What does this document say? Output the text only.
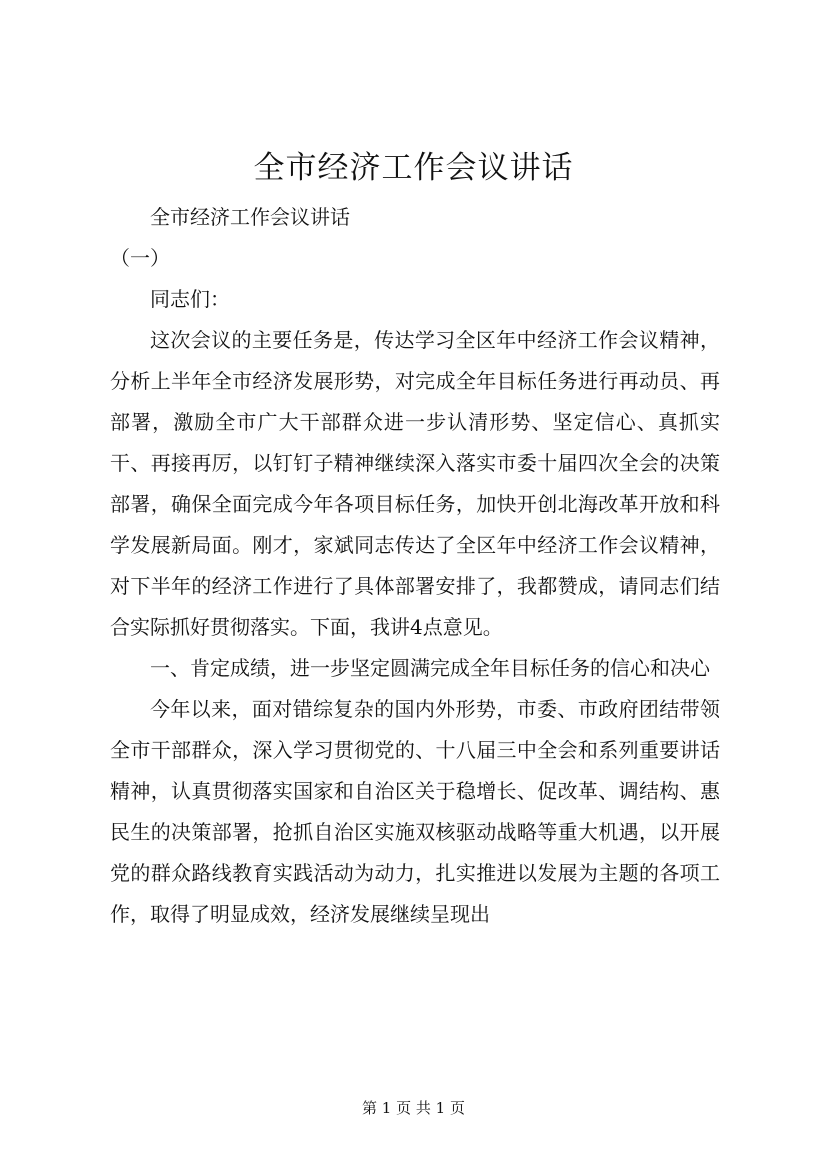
全市经济工作会议讲话

全市经济工作会议讲话

（一）

同志们：

这次会议的主要任务是，传达学习全区年中经济工作会议精神，分析上半年全市经济发展形势，对完成全年目标任务进行再动员、再部署，激励全市广大干部群众进一步认清形势、坚定信心、真抓实干、再接再厉，以钉钉子精神继续深入落实市委十届四次全会的决策部署，确保全面完成今年各项目标任务，加快开创北海改革开放和科学发展新局面。刚才，家斌同志传达了全区年中经济工作会议精神，对下半年的经济工作进行了具体部署安排了，我都赞成，请同志们结合实际抓好贯彻落实。下面，我讲4点意见。

一、肯定成绩，进一步坚定圆满完成全年目标任务的信心和决心

今年以来，面对错综复杂的国内外形势，市委、市政府团结带领全市干部群众，深入学习贯彻党的、十八届三中全会和系列重要讲话精神，认真贯彻落实国家和自治区关于稳增长、促改革、调结构、惠民生的决策部署，抢抓自治区实施双核驱动战略等重大机遇，以开展党的群众路线教育实践活动为动力，扎实推进以发展为主题的各项工作，取得了明显成效，经济发展继续呈现出

第 1 页 共 1 页
